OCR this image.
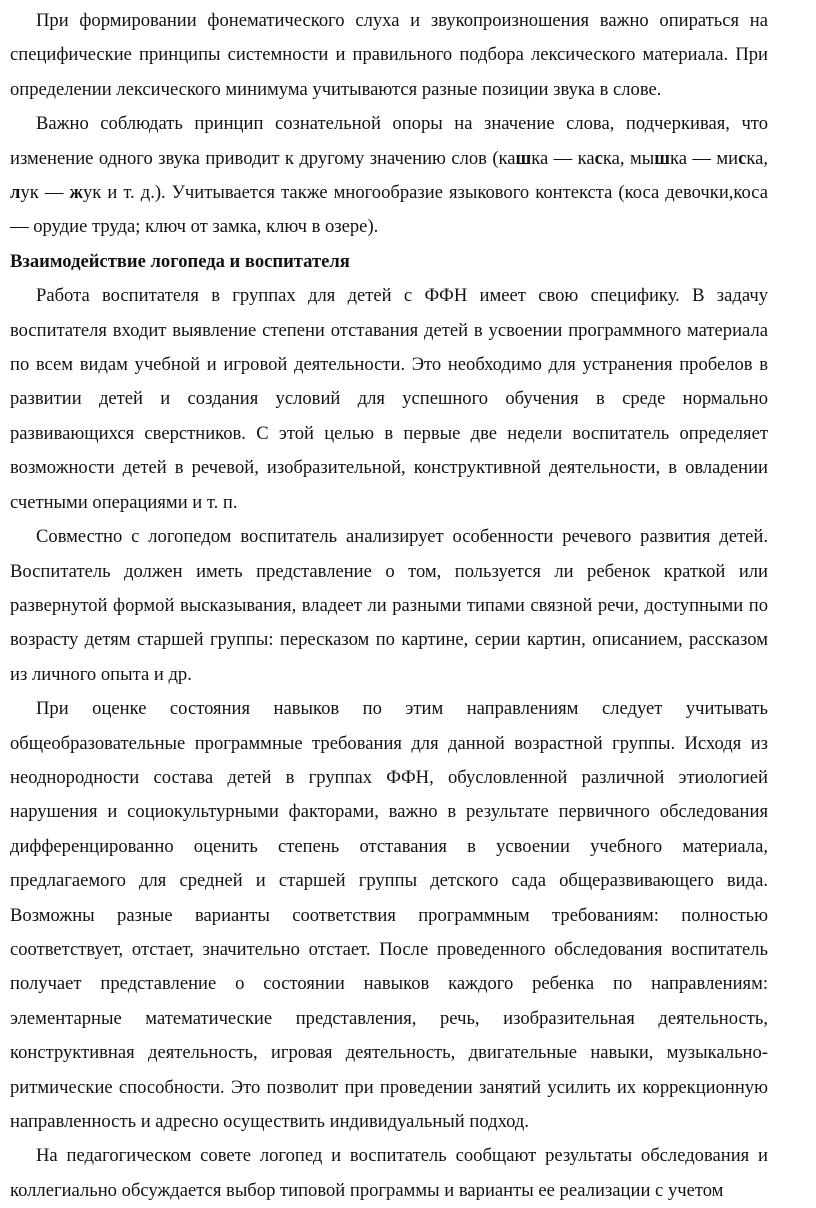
При формировании фонематического слуха и звукопроизношения важно опираться на специфические принципы системности и правильного подбора лексического материала. При определении лексического минимума учитываются разные позиции звука в слове.

Важно соблюдать принцип сознательной опоры на значение слова, подчеркивая, что изменение одного звука приводит к другому значению слов (кашка — каска, мышка — миска, лук — жук и т. д.). Учитывается также многообразие языкового контекста (коса девочки,коса — орудие труда; ключ от замка, ключ в озере).

Взаимодействие логопеда и воспитателя

Работа воспитателя в группах для детей с ФФН имеет свою специфику. В задачу воспитателя входит выявление степени отставания детей в усвоении программного материала по всем видам учебной и игровой деятельности. Это необходимо для устранения пробелов в развитии детей и создания условий для успешного обучения в среде нормально развивающихся сверстников. С этой целью в первые две недели воспитатель определяет возможности детей в речевой, изобразительной, конструктивной деятельности, в овладении счетными операциями и т. п.

Совместно с логопедом воспитатель анализирует особенности речевого развития детей. Воспитатель должен иметь представление о том, пользуется ли ребенок краткой или развернутой формой высказывания, владеет ли разными типами связной речи, доступными по возрасту детям старшей группы: пересказом по картине, серии картин, описанием, рассказом из личного опыта и др.

При оценке состояния навыков по этим направлениям следует учитывать общеобразовательные программные требования для данной возрастной группы. Исходя из неоднородности состава детей в группах ФФН, обусловленной различной этиологией нарушения и социокультурными факторами, важно в результате первичного обследования дифференцированно оценить степень отставания в усвоении учебного материала, предлагаемого для средней и старшей группы детского сада общеразвивающего вида. Возможны разные варианты соответствия программным требованиям: полностью соответствует, отстает, значительно отстает. После проведенного обследования воспитатель получает представление о состоянии навыков каждого ребенка по направлениям: элементарные математические представления, речь, изобразительная деятельность, конструктивная деятельность, игровая деятельность, двигательные навыки, музыкально- ритмические способности. Это позволит при проведении занятий усилить их коррекционную направленность и адресно осуществить индивидуальный подход.

На педагогическом совете логопед и воспитатель сообщают результаты обследования и коллегиально обсуждается выбор типовой программы и варианты ее реализации с учетом
